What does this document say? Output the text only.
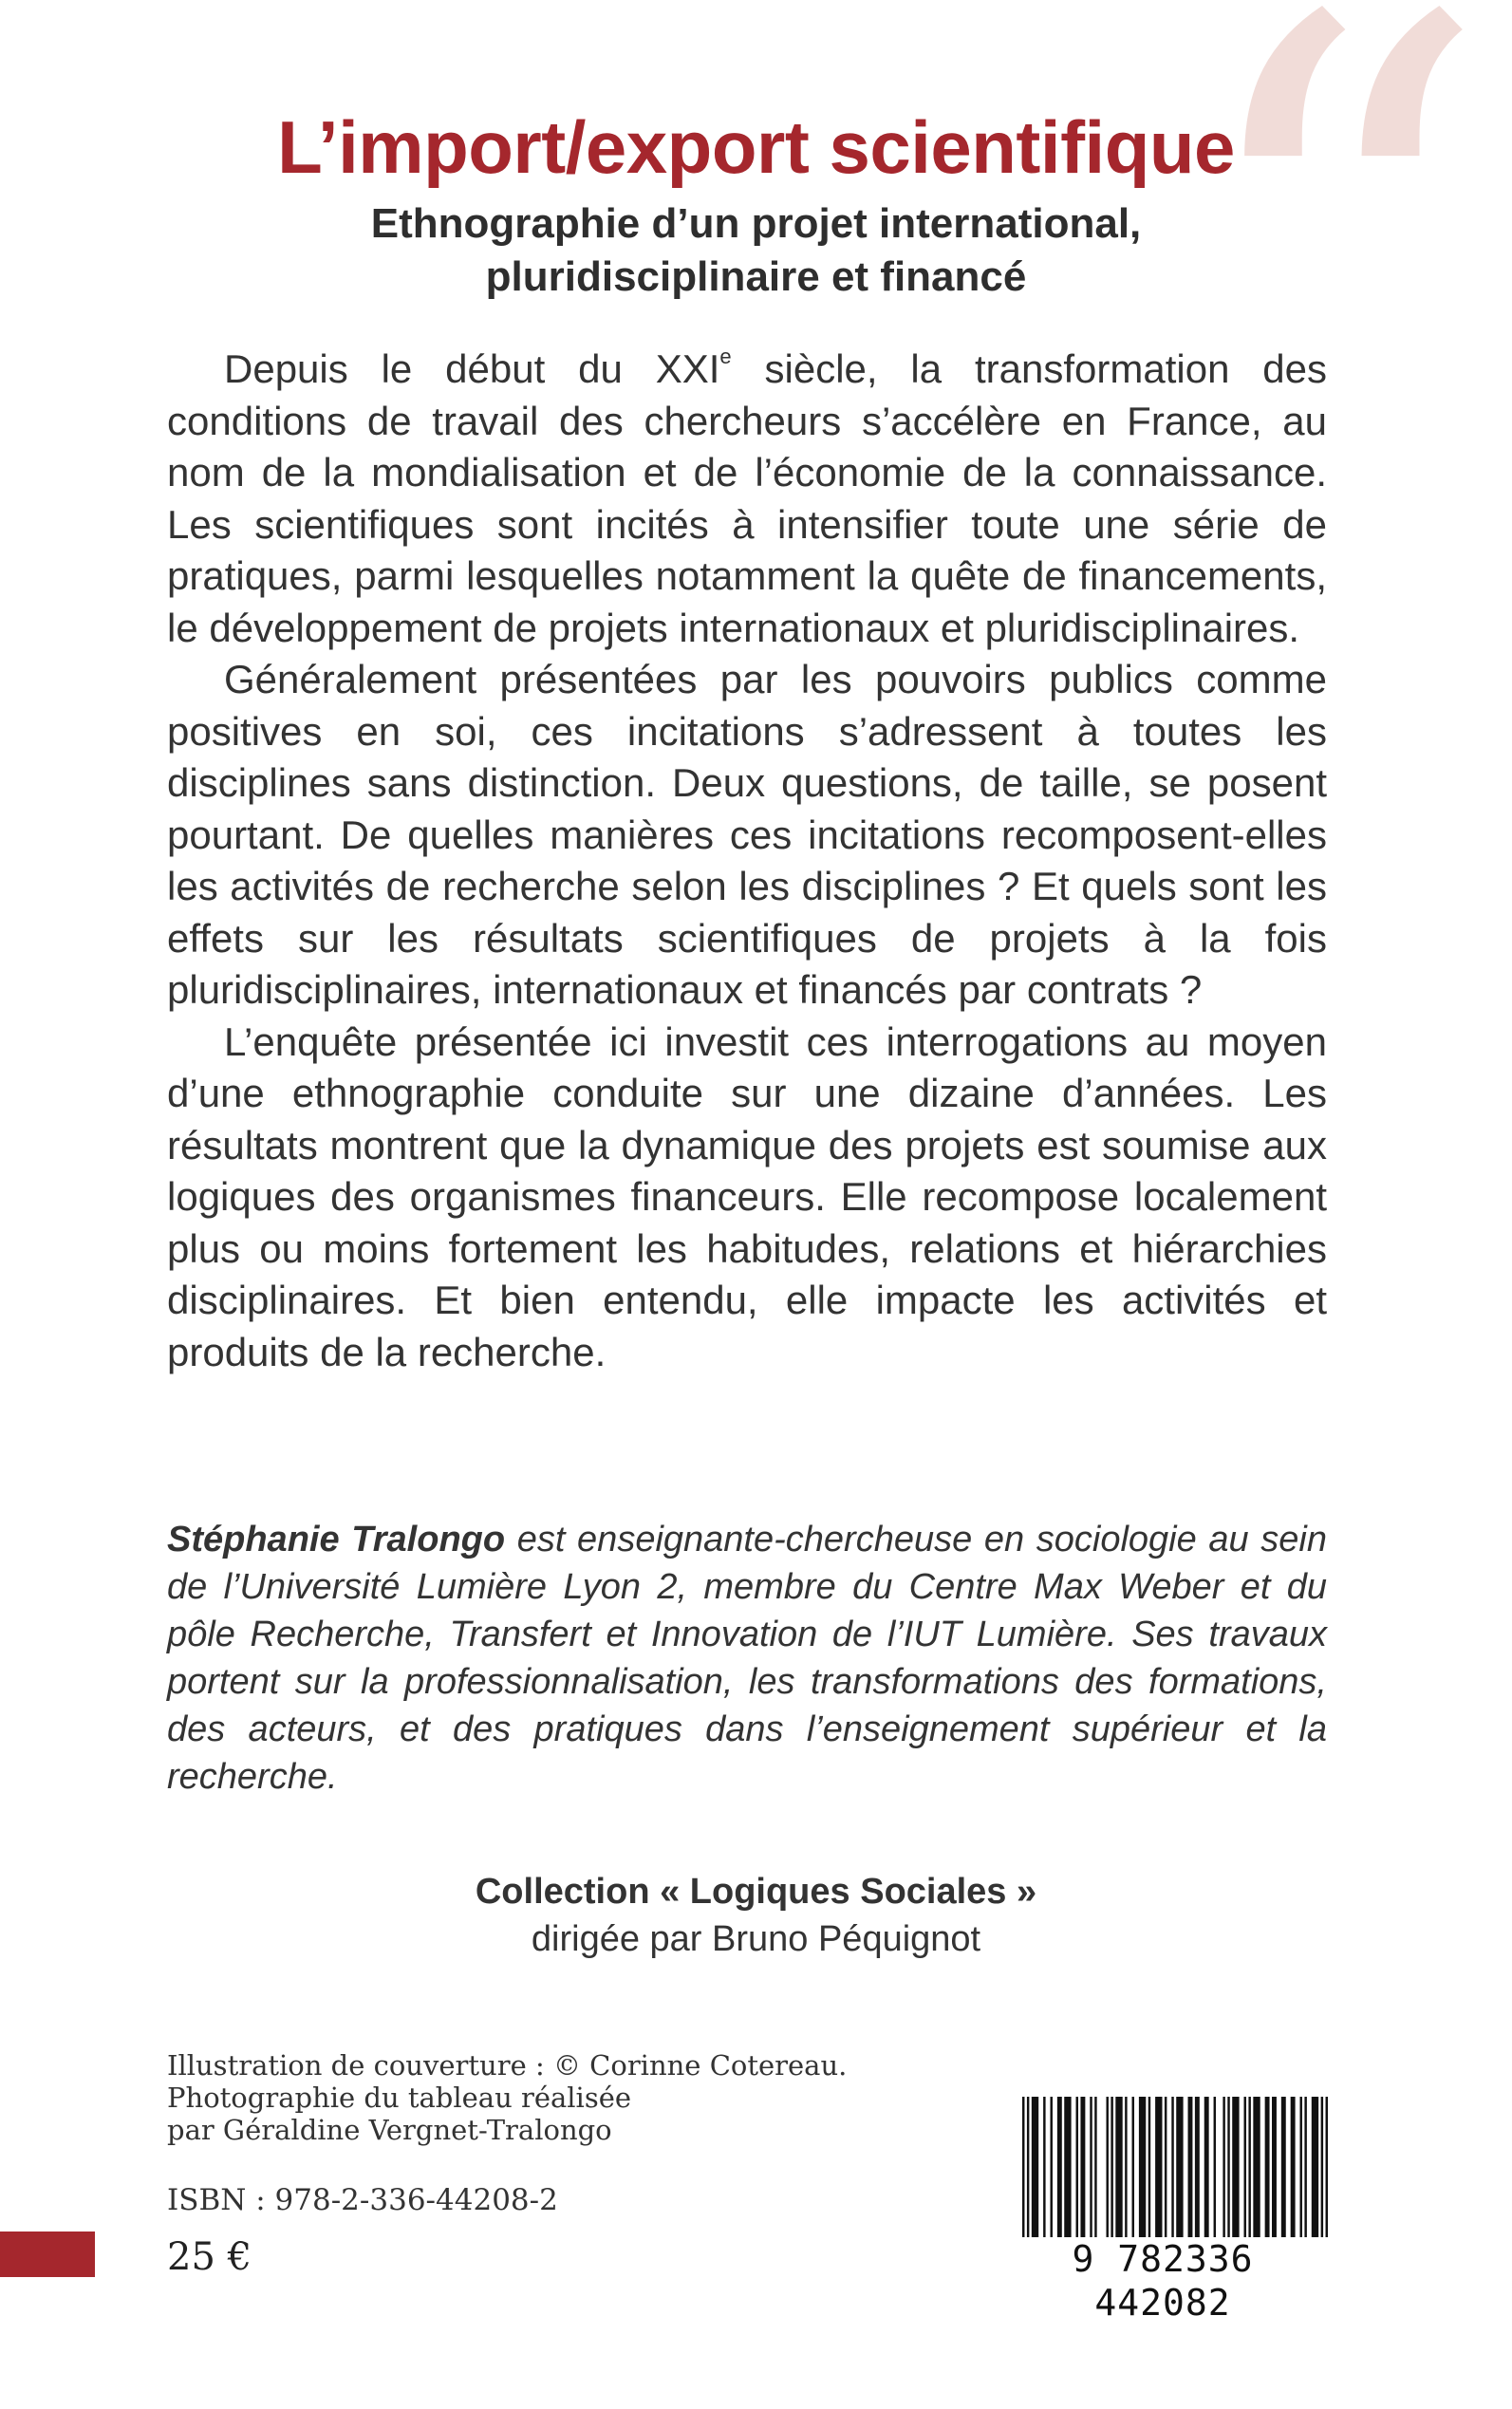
“
L’import/export scientifique
Ethnographie d’un projet international,
pluridisciplinaire et financé

Depuis le début du XXIe siècle, la transformation des conditions de travail des chercheurs s’accélère en France, au nom de la mondialisation et de l’économie de la connaissance. Les scientifiques sont incités à intensifier toute une série de pratiques, parmi lesquelles notamment la quête de financements, le développement de projets internationaux et pluridisciplinaires.

Généralement présentées par les pouvoirs publics comme positives en soi, ces incitations s’adressent à toutes les disciplines sans distinction. Deux questions, de taille, se posent pourtant. De quelles manières ces incitations recomposent-elles les activités de recherche selon les disciplines ? Et quels sont les effets sur les résultats scientifiques de projets à la fois pluridisciplinaires, internationaux et financés par contrats ?

L’enquête présentée ici investit ces interrogations au moyen d’une ethnographie conduite sur une dizaine d’années. Les résultats montrent que la dynamique des projets est soumise aux logiques des organismes financeurs. Elle recompose localement plus ou moins fortement les habitudes, relations et hiérarchies disciplinaires. Et bien entendu, elle impacte les activités et produits de la recherche.

Stéphanie Tralongo est enseignante-chercheuse en sociologie au sein de l’Université Lumière Lyon 2, membre du Centre Max Weber et du pôle Recherche, Transfert et Innovation de l’IUT Lumière. Ses travaux portent sur la professionnalisation, les transformations des formations, des acteurs, et des pratiques dans l’enseignement supérieur et la recherche.

Collection « Logiques Sociales »
dirigée par Bruno Péquignot
Illustration de couverture : © Corinne Cotereau.
Photographie du tableau réalisée
par Géraldine Vergnet-Tralongo
ISBN : 978-2-336-44208-2
25 €	9 782336 442082
